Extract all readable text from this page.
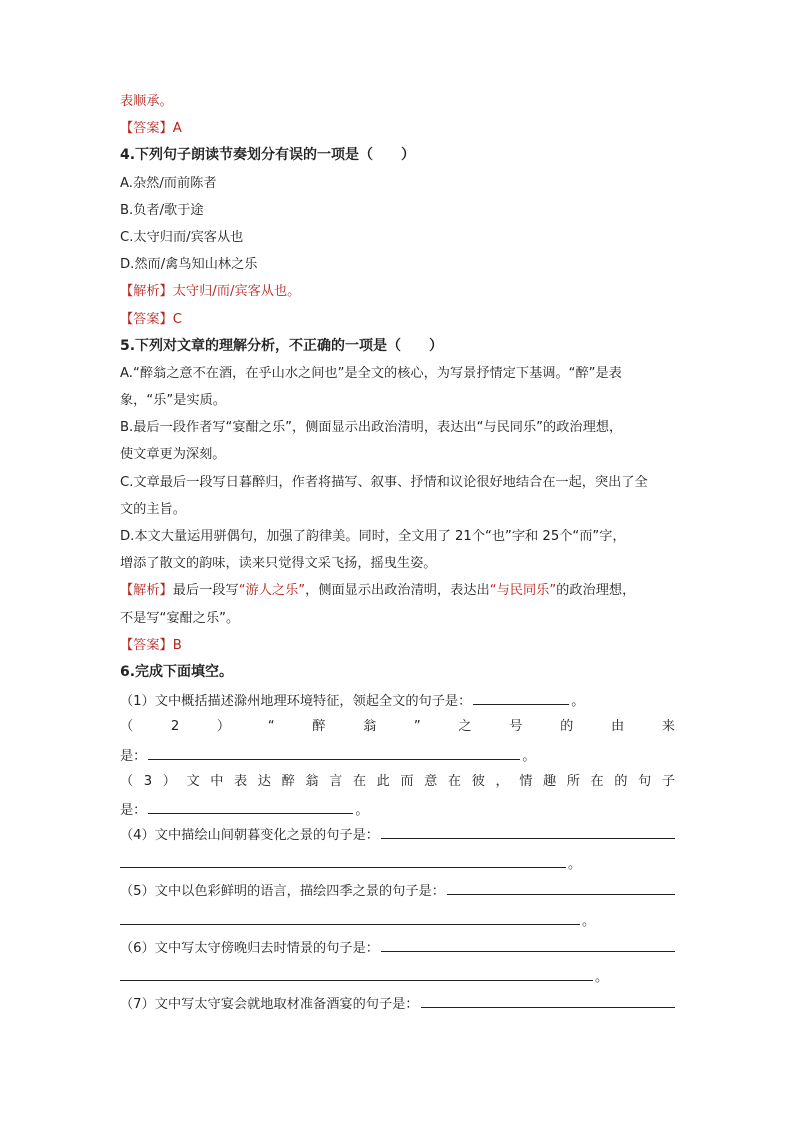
表顺承。
【答案】A
4.下列句子朗读节奏划分有误的一项是（　　）
A.杂然/而前陈者
B.负者/歌于途
C.太守归而/宾客从也
D.然而/禽鸟知山林之乐
【解析】太守归/而/宾客从也。
【答案】C
5.下列对文章的理解分析，不正确的一项是（　　）
A.“醉翁之意不在酒，在乎山水之间也”是全文的核心，为写景抒情定下基调。“醉”是表
象，“乐”是实质。
B.最后一段作者写“宴酣之乐”，侧面显示出政治清明，表达出“与民同乐”的政治理想，
使文章更为深刻。
C.文章最后一段写日暮醉归，作者将描写、叙事、抒情和议论很好地结合在一起，突出了全
文的主旨。
D.本文大量运用骈偶句，加强了韵律美。同时，全文用了 21个“也”字和 25个“而”字，
增添了散文的韵味，读来只觉得文采飞扬，摇曳生姿。
【解析】最后一段写“游人之乐”，侧面显示出政治清明，表达出“与民同乐”的政治理想，
不是写“宴酣之乐”。
【答案】B
6.完成下面填空。
（1）文中概括描述滁州地理环境特征，领起全文的句子是：	。
（	2	）	“	醉	翁	”	之	号	的	由	来
是：	。
（ 3 ） 文 中 表 达 醉 翁 言 在 此 而 意 在 彼 ， 情 趣 所 在 的 句 子
是：	。
（4）文中描绘山间朝暮变化之景的句子是：
。
（5）文中以色彩鲜明的语言，描绘四季之景的句子是：
。
（6）文中写太守傍晚归去时情景的句子是：
。
（7）文中写太守宴会就地取材准备酒宴的句子是：
